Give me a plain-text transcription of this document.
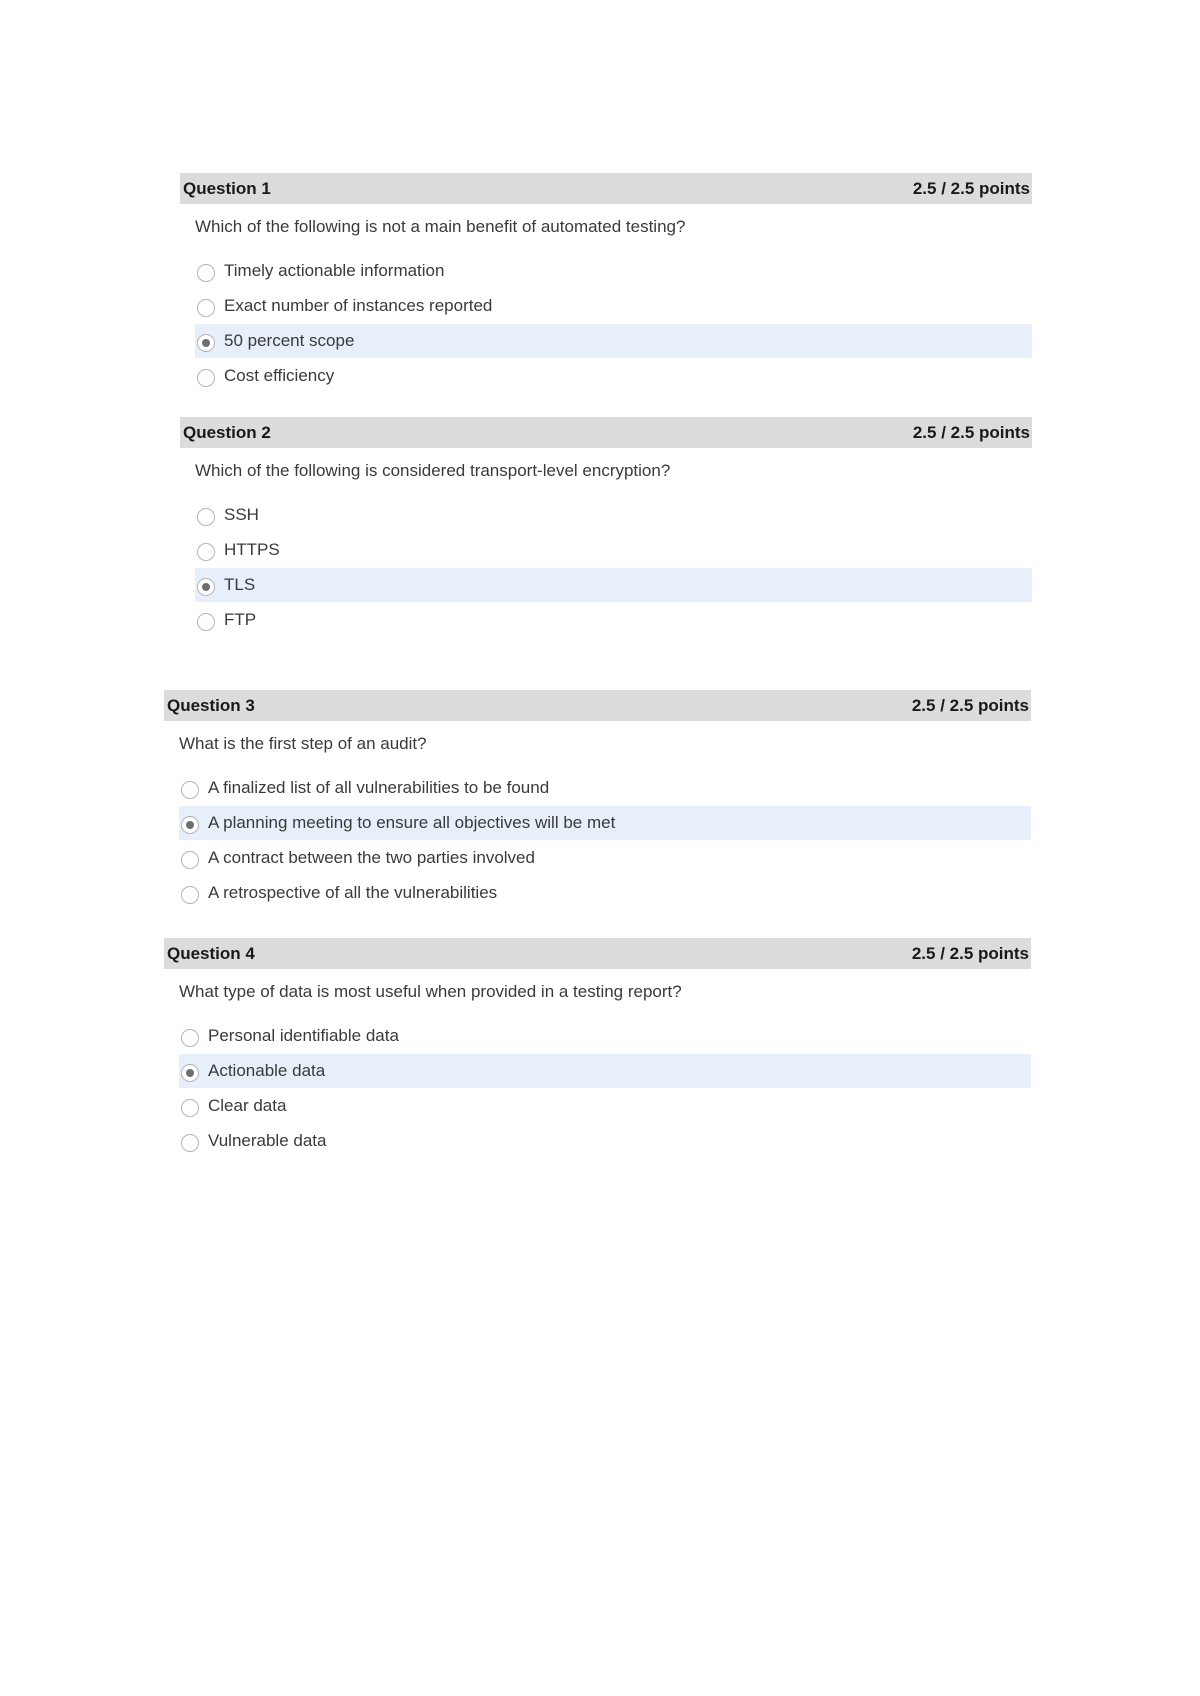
Question 1	2.5 / 2.5 points
Which of the following is not a main benefit of automated testing?
Timely actionable information
Exact number of instances reported
50 percent scope
Cost efficiency
Question 2	2.5 / 2.5 points
Which of the following is considered transport-level encryption?
SSH
HTTPS
TLS
FTP
Question 3	2.5 / 2.5 points
What is the first step of an audit?
A finalized list of all vulnerabilities to be found
A planning meeting to ensure all objectives will be met
A contract between the two parties involved
A retrospective of all the vulnerabilities
Question 4	2.5 / 2.5 points
What type of data is most useful when provided in a testing report?
Personal identifiable data
Actionable data
Clear data
Vulnerable data
